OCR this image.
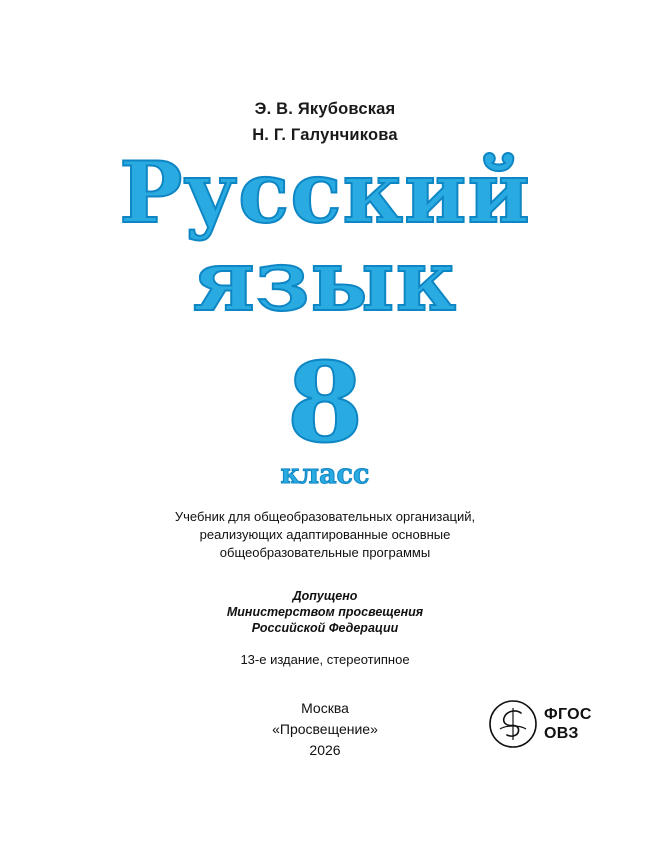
Э. В. Якубовская
Н. Г. Галунчикова
Русский
язык
8
класс
Учебник для общеобразовательных организаций,
реализующих адаптированные основные
общеобразовательные программы
Допущено
Министерством просвещения
Российской Федерации
13-е издание, стереотипное
Москва
«Просвещение»
2026
ФГОС
ОВЗ
